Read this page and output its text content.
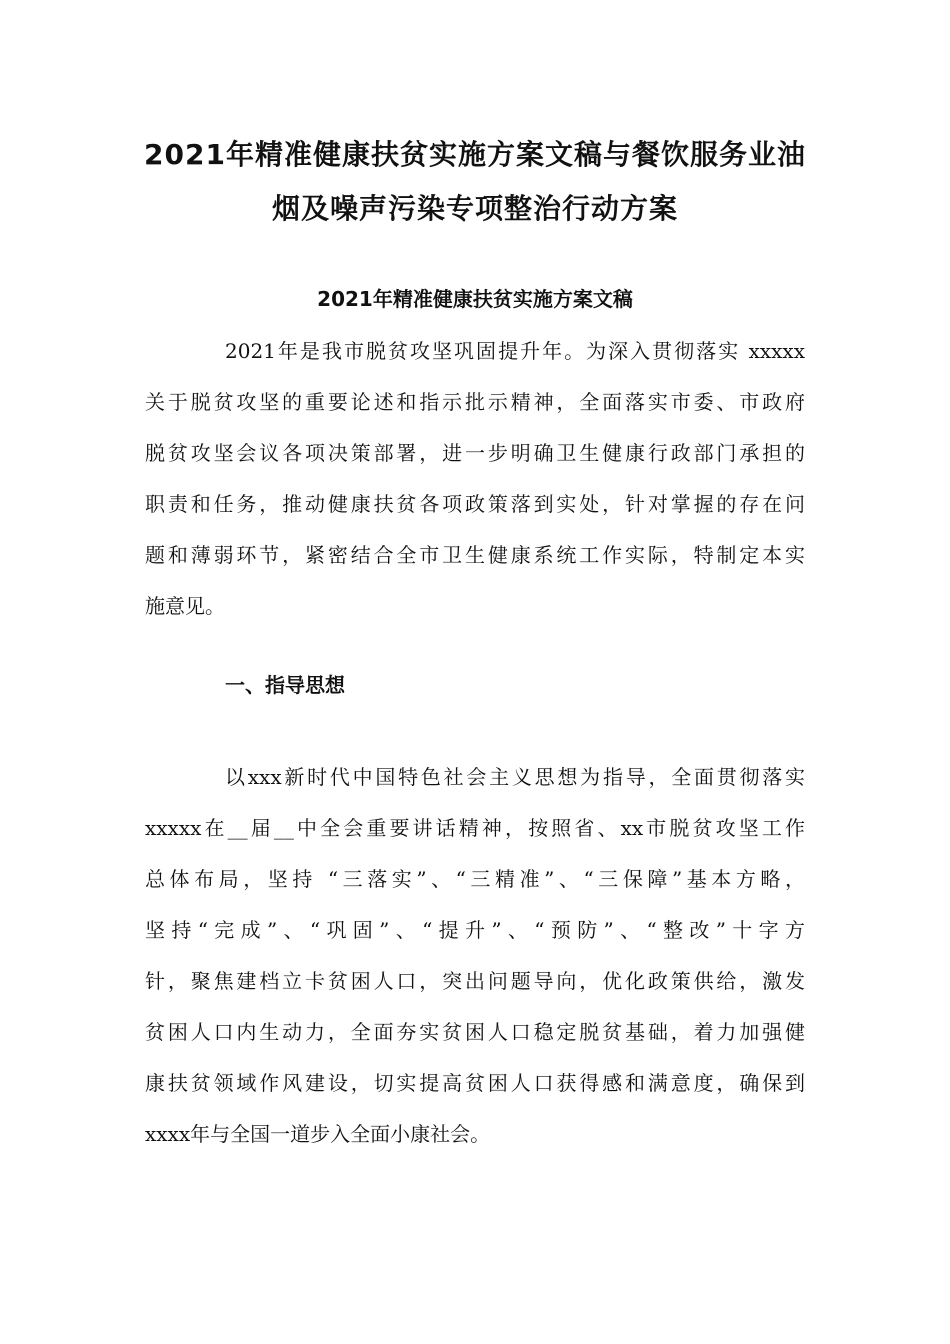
2021年精准健康扶贫实施方案文稿与餐饮服务业油
烟及噪声污染专项整治行动方案
2021年精准健康扶贫实施方案文稿

2021年是我市脱贫攻坚巩固提升年。为深入贯彻落实 xxxxx
关于脱贫攻坚的重要论述和指示批示精神，全面落实市委、市政府
脱贫攻坚会议各项决策部署，进一步明确卫生健康行政部门承担的
职责和任务，推动健康扶贫各项政策落到实处，针对掌握的存在问
题和薄弱环节，紧密结合全市卫生健康系统工作实际，特制定本实
施意见。

一、指导思想

以xxx新时代中国特色社会主义思想为指导，全面贯彻落实
xxxxx在__届__中全会重要讲话精神，按照省、xx市脱贫攻坚工作
总体布局，坚持 “三落实”、“三精准”、“三保障”基本方略，
坚持“完成”、“巩固”、“提升”、“预防”、“整改”十字方
针，聚焦建档立卡贫困人口，突出问题导向，优化政策供给，激发
贫困人口内生动力，全面夯实贫困人口稳定脱贫基础，着力加强健
康扶贫领域作风建设，切实提高贫困人口获得感和满意度，确保到
xxxx年与全国一道步入全面小康社会。
